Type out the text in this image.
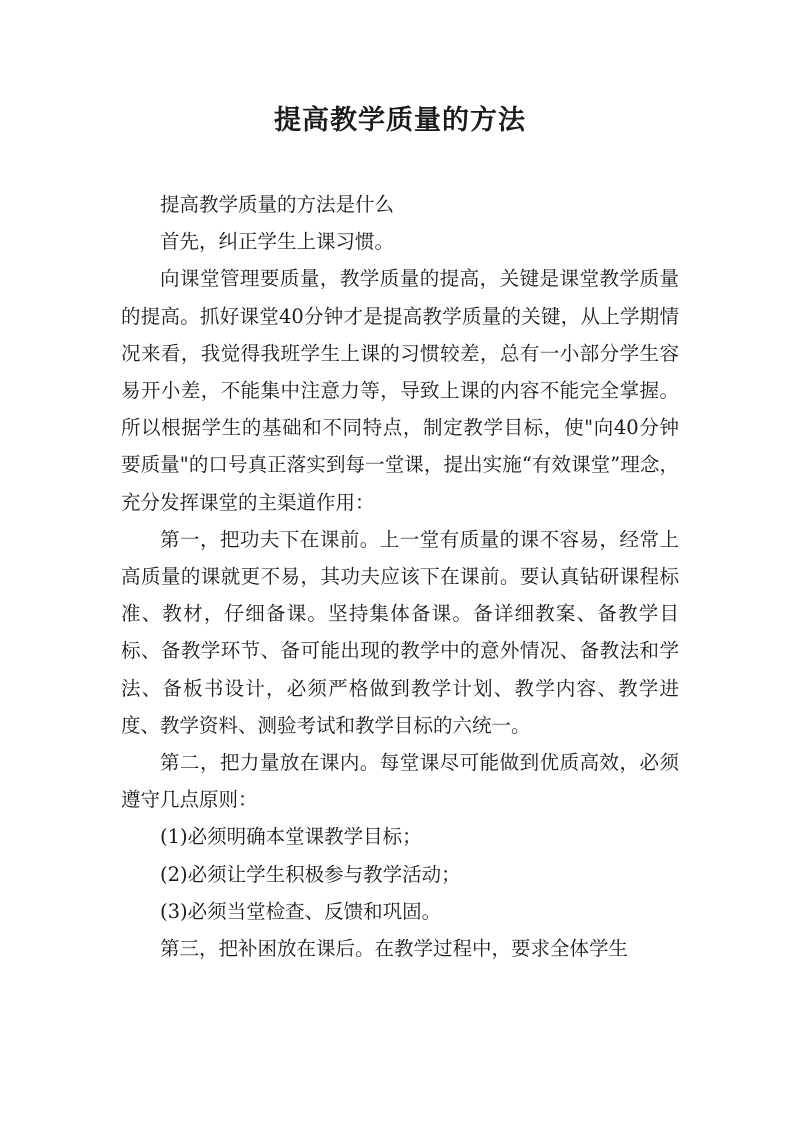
提高教学质量的方法

提高教学质量的方法是什么

首先，纠正学生上课习惯。

向课堂管理要质量，教学质量的提高，关键是课堂教学质量的提高。抓好课堂40分钟才是提高教学质量的关键，从上学期情况来看，我觉得我班学生上课的习惯较差，总有一小部分学生容易开小差，不能集中注意力等，导致上课的内容不能完全掌握。所以根据学生的基础和不同特点，制定教学目标，使"向40分钟要质量"的口号真正落实到每一堂课，提出实施“有效课堂”理念，充分发挥课堂的主渠道作用：

第一，把功夫下在课前。上一堂有质量的课不容易，经常上高质量的课就更不易，其功夫应该下在课前。要认真钻研课程标准、教材，仔细备课。坚持集体备课。备详细教案、备教学目标、备教学环节、备可能出现的教学中的意外情况、备教法和学法、备板书设计，必须严格做到教学计划、教学内容、教学进度、教学资料、测验考试和教学目标的六统一。

第二，把力量放在课内。每堂课尽可能做到优质高效，必须遵守几点原则：

(1)必须明确本堂课教学目标；

(2)必须让学生积极参与教学活动；

(3)必须当堂检查、反馈和巩固。

第三，把补困放在课后。在教学过程中，要求全体学生
